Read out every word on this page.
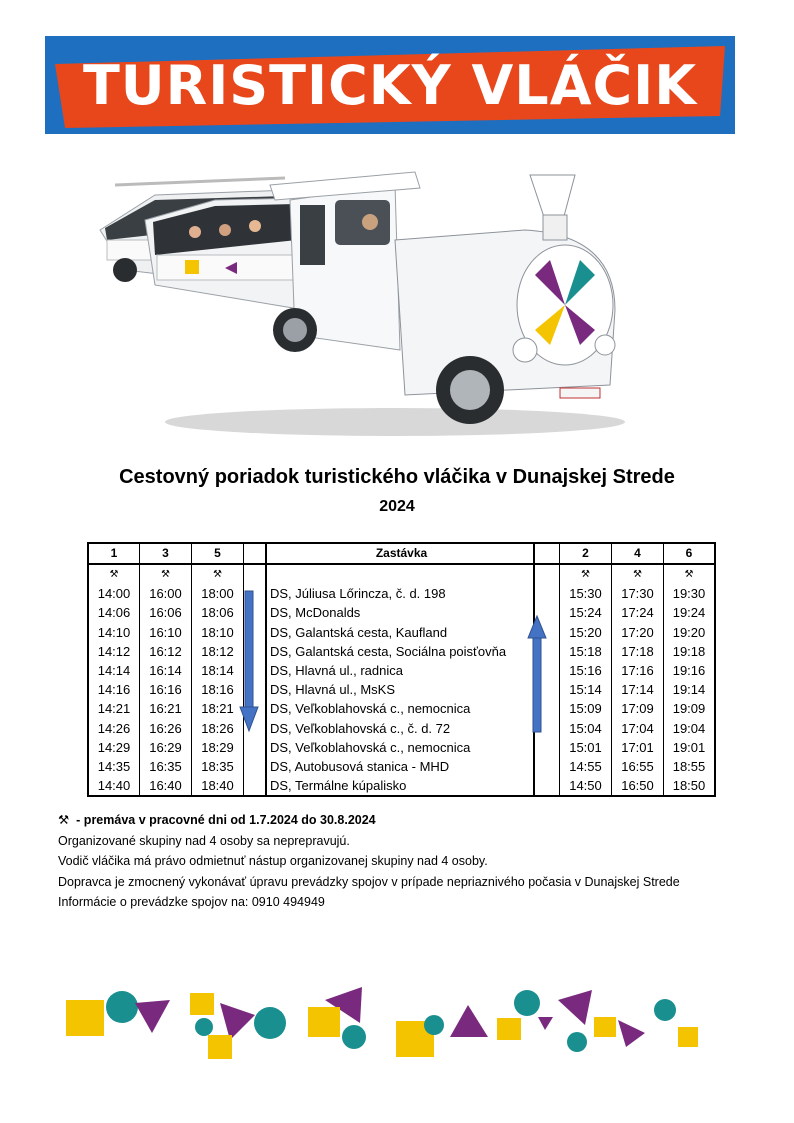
TURISTICKÝ VLÁČIK
Cestovný poriadok turistického vláčika v Dunajskej Strede
2024
1	3	5		Zastávka		2	4	6
⚒	⚒	⚒				⚒	⚒	⚒
14:00	16:00	18:00		DS, Júliusa Lőrincza, č. d. 198		15:30	17:30	19:30
14:06	16:06	18:06		DS, McDonalds		15:24	17:24	19:24
14:10	16:10	18:10		DS, Galantská cesta, Kaufland		15:20	17:20	19:20
14:12	16:12	18:12		DS, Galantská cesta, Sociálna poisťovňa		15:18	17:18	19:18
14:14	16:14	18:14		DS, Hlavná ul., radnica		15:16	17:16	19:16
14:16	16:16	18:16		DS, Hlavná ul., MsKS		15:14	17:14	19:14
14:21	16:21	18:21		DS, Veľkoblahovská c., nemocnica		15:09	17:09	19:09
14:26	16:26	18:26		DS, Veľkoblahovská c., č. d. 72		15:04	17:04	19:04
14:29	16:29	18:29		DS, Veľkoblahovská c., nemocnica		15:01	17:01	19:01
14:35	16:35	18:35		DS, Autobusová stanica - MHD		14:55	16:55	18:55
14:40	16:40	18:40		DS, Termálne kúpalisko		14:50	16:50	18:50
⚒ - premáva v pracovné dni od 1.7.2024 do 30.8.2024
Organizované skupiny nad 4 osoby sa neprepravujú.
Vodič vláčika má právo odmietnuť nástup organizovanej skupiny nad 4 osoby.
Dopravca je zmocnený vykonávať úpravu prevádzky spojov v prípade nepriaznivého počasia v Dunajskej Strede
Informácie o prevádzke spojov na: 0910 494949
